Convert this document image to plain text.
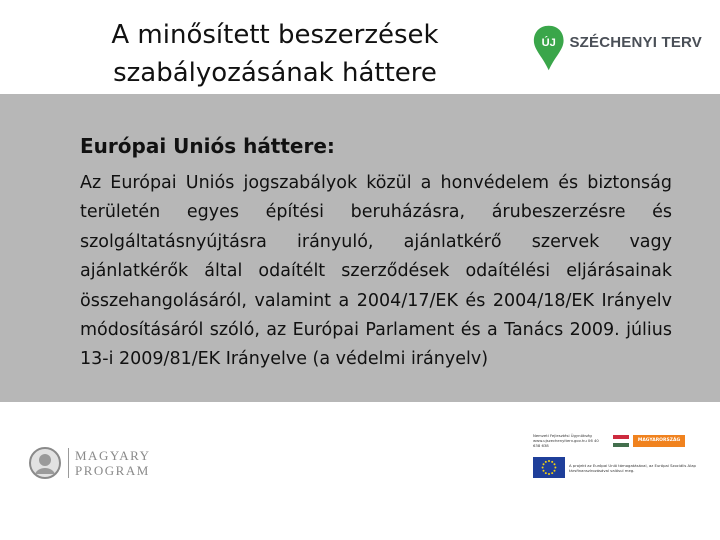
A minősített beszerzések
szabályozásának háttere
ÚJ SZÉCHENYI TERV
Európai Uniós háttere:
Az Európai Uniós jogszabályok közül a honvédelem és biztonság területén egyes építési beruházásra, árubeszerzésre és szolgáltatásnyújtásra irányuló, ajánlatkérő szervek vagy ajánlatkérők által odaítélt szerződések odaítélési eljárásainak összehangolásáról, valamint a 2004/17/EK és 2004/18/EK Irányelv módosításáról szóló, az Európai Parlament és a Tanács 2009. július 13-i 2009/81/EK Irányelve (a védelmi irányelv)
MAGYARY
PROGRAM
Nemzeti Fejlesztési Ügynökség www.ujszechenyiterv.gov.hu 06 40 638 638
MAGYARORSZÁG MEGÚJUL
A projekt az Európai Unió támogatásával, az Európai Szociális Alap társfinanszírozásával valósul meg.
